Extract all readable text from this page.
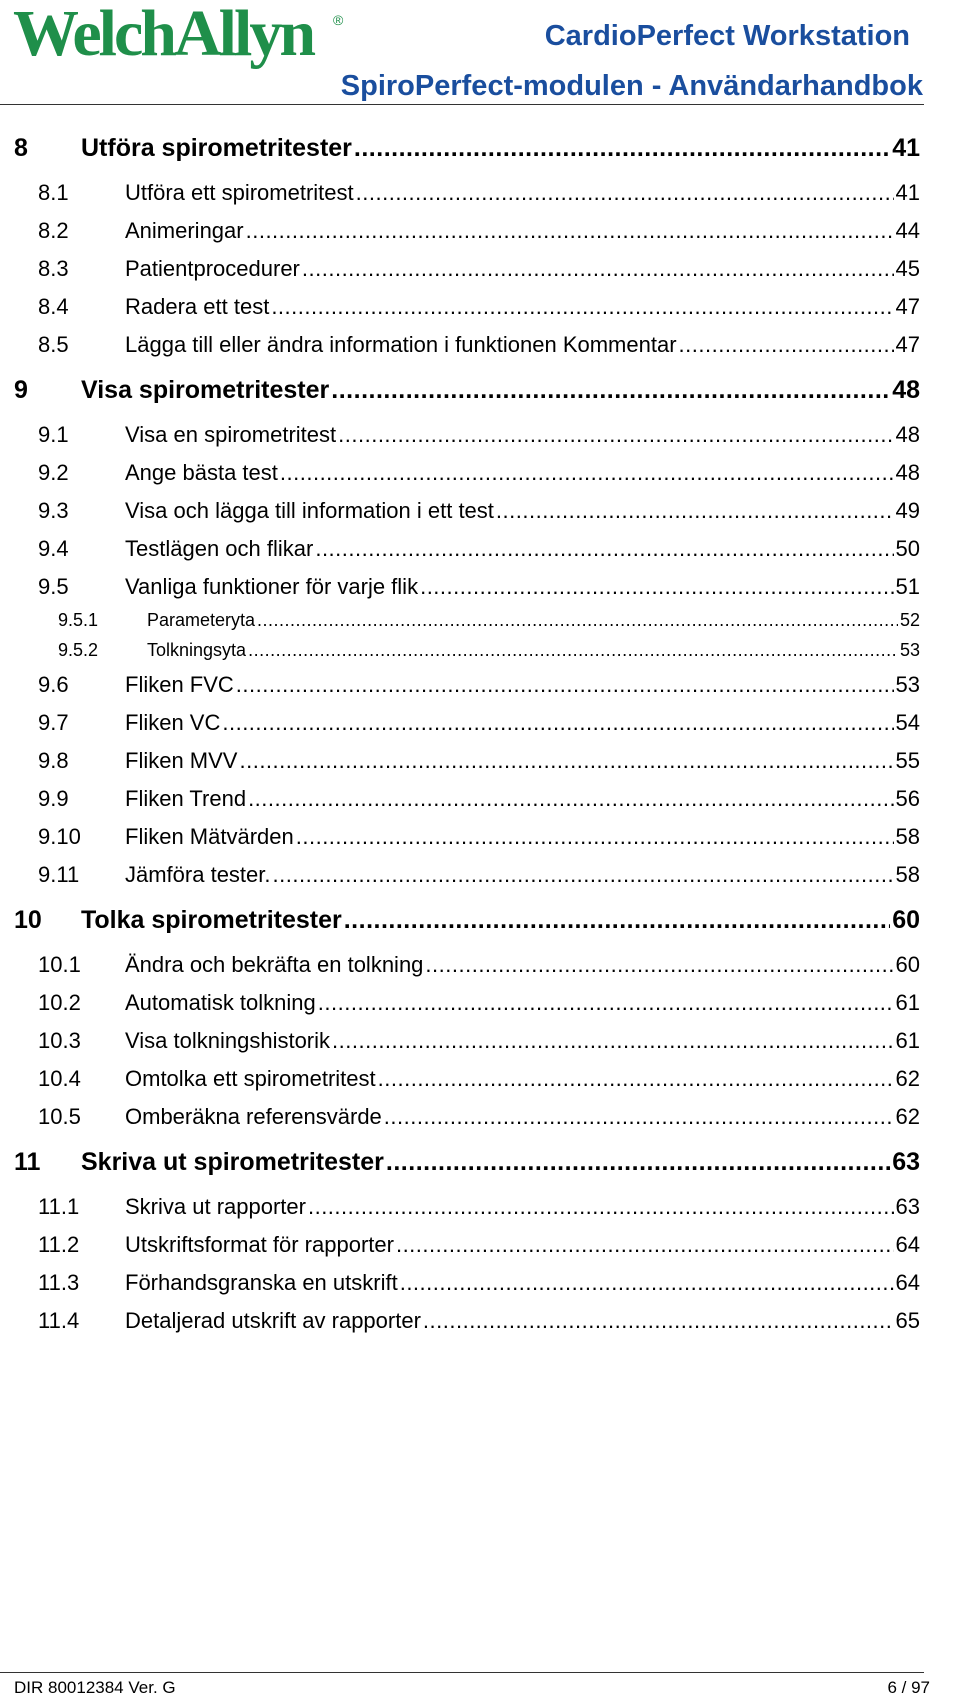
WelchAllyn ®	CardioPerfect Workstation
SpiroPerfect-modulen - Användarhandbok
8	Utföra spirometritester .....	41
8.1	Utföra ett spirometritest .....	41
8.2	Animeringar .....	44
8.3	Patientprocedurer .....	45
8.4	Radera ett test .....	47
8.5	Lägga till eller ändra information i funktionen Kommentar .....	47
9	Visa spirometritester .....	48
9.1	Visa en spirometritest .....	48
9.2	Ange bästa test .....	48
9.3	Visa och lägga till information i ett test .....	49
9.4	Testlägen och flikar .....	50
9.5	Vanliga funktioner för varje flik .....	51
9.5.1	Parameteryta .....	52
9.5.2	Tolkningsyta .....	53
9.6	Fliken FVC .....	53
9.7	Fliken VC .....	54
9.8	Fliken MVV .....	55
9.9	Fliken Trend .....	56
9.10	Fliken Mätvärden .....	58
9.11	Jämföra tester. .....	58
10	Tolka spirometritester .....	60
10.1	Ändra och bekräfta en tolkning .....	60
10.2	Automatisk tolkning .....	61
10.3	Visa tolkningshistorik .....	61
10.4	Omtolka ett spirometritest .....	62
10.5	Omberäkna referensvärde .....	62
11	Skriva ut spirometritester .....	63
11.1	Skriva ut rapporter .....	63
11.2	Utskriftsformat för rapporter .....	64
11.3	Förhandsgranska en utskrift .....	64
11.4	Detaljerad utskrift av rapporter .....	65
DIR 80012384 Ver. G	6 / 97
